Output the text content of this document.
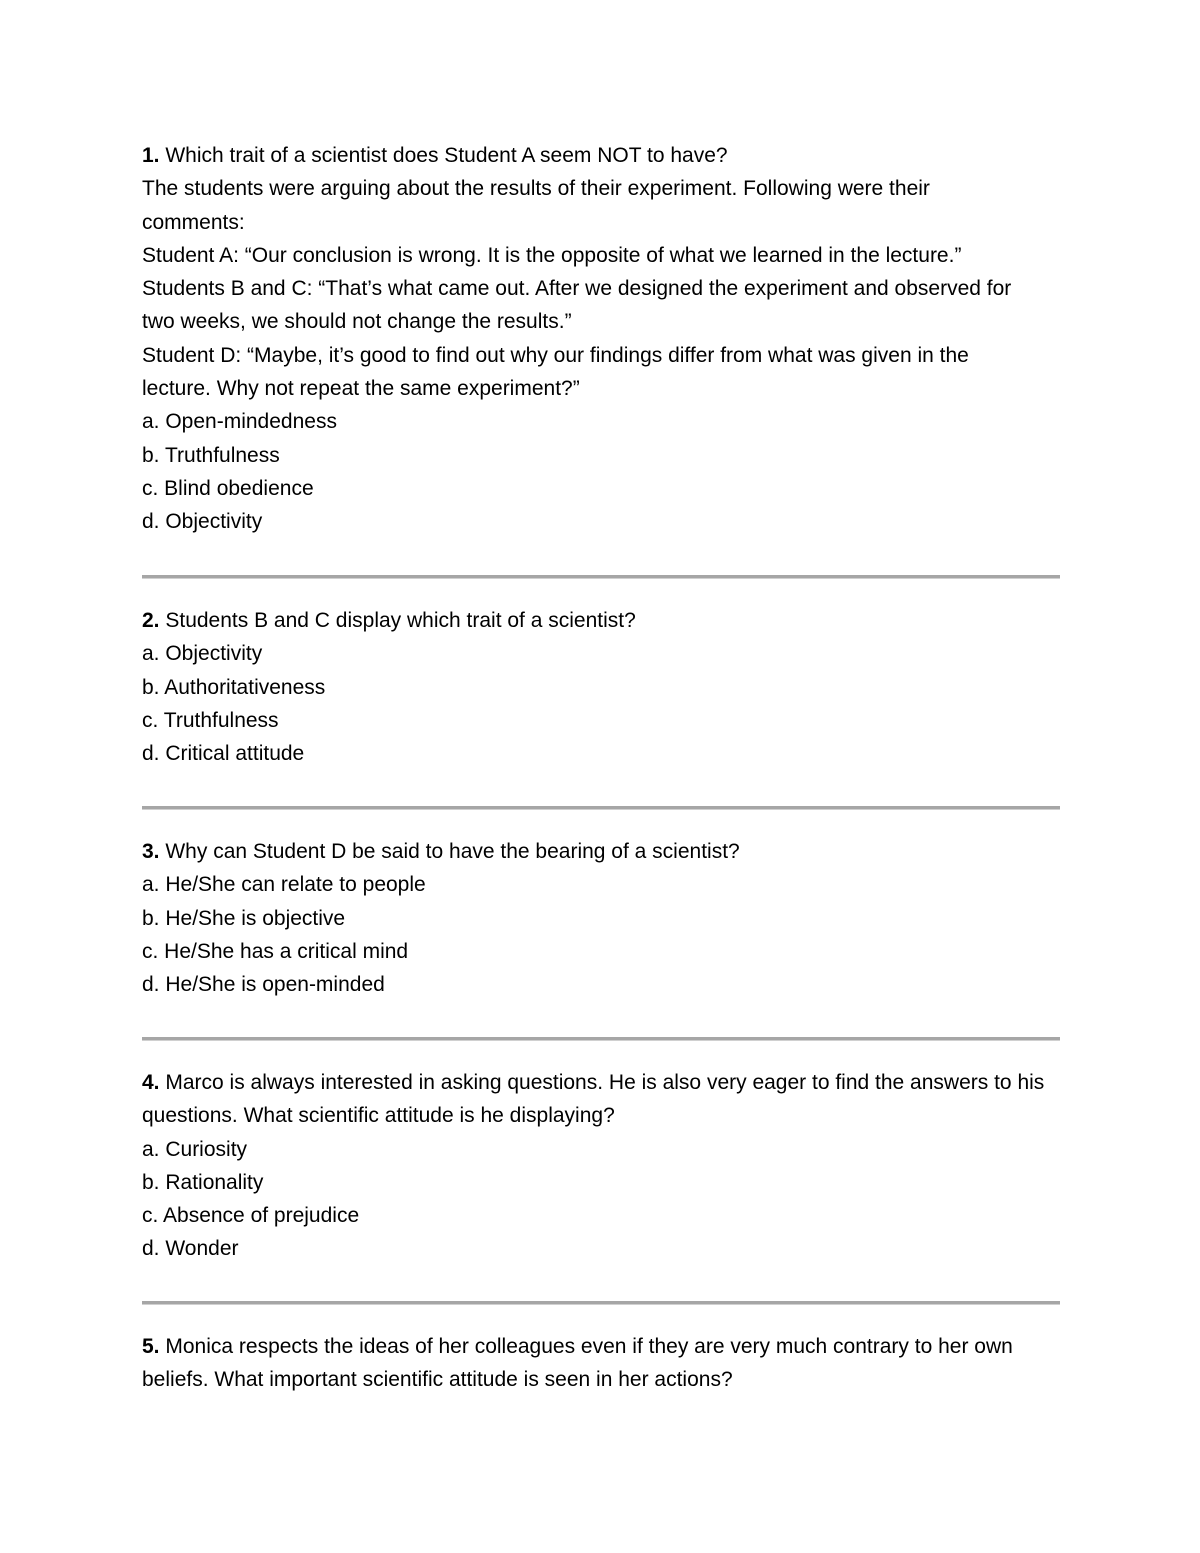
1. Which trait of a scientist does Student A seem NOT to have?

The students were arguing about the results of their experiment. Following were their

comments:

Student A: “Our conclusion is wrong. It is the opposite of what we learned in the lecture.”

Students B and C: “That’s what came out. After we designed the experiment and observed for

two weeks, we should not change the results.”

Student D: “Maybe, it’s good to find out why our findings differ from what was given in the

lecture. Why not repeat the same experiment?”

a. Open-mindedness

b. Truthfulness

c. Blind obedience

d. Objectivity

2. Students B and C display which trait of a scientist?

a. Objectivity

b. Authoritativeness

c. Truthfulness

d. Critical attitude

3. Why can Student D be said to have the bearing of a scientist?

a. He/She can relate to people

b. He/She is objective

c. He/She has a critical mind

d. He/She is open-minded

4. Marco is always interested in asking questions. He is also very eager to find the answers to his

questions. What scientific attitude is he displaying?

a. Curiosity

b. Rationality

c. Absence of prejudice

d. Wonder

5. Monica respects the ideas of her colleagues even if they are very much contrary to her own

beliefs. What important scientific attitude is seen in her actions?
